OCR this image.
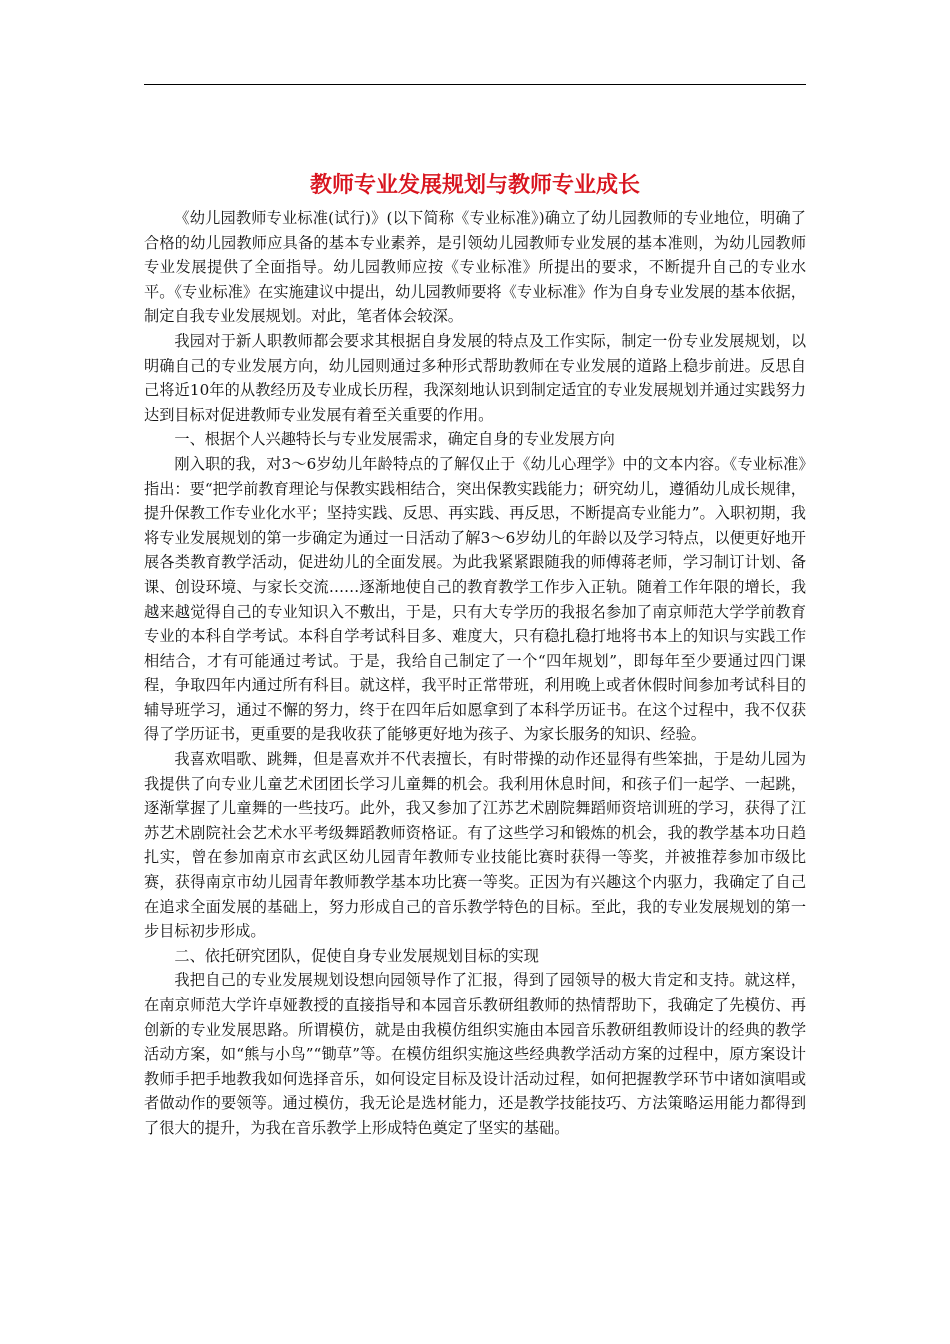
教师专业发展规划与教师专业成长

《幼儿园教师专业标准(试行)》(以下简称《专业标准》)确立了幼儿园教师的专业地位，明确了合格的幼儿园教师应具备的基本专业素养，是引领幼儿园教师专业发展的基本准则，为幼儿园教师专业发展提供了全面指导。幼儿园教师应按《专业标准》所提出的要求，不断提升自己的专业水平。《专业标准》在实施建议中提出，幼儿园教师要将《专业标准》作为自身专业发展的基本依据，制定自我专业发展规划。对此，笔者体会较深。

我园对于新人职教师都会要求其根据自身发展的特点及工作实际，制定一份专业发展规划，以明确自己的专业发展方向，幼儿园则通过多种形式帮助教师在专业发展的道路上稳步前进。反思自己将近10年的从教经历及专业成长历程，我深刻地认识到制定适宜的专业发展规划并通过实践努力达到目标对促进教师专业发展有着至关重要的作用。

一、根据个人兴趣特长与专业发展需求，确定自身的专业发展方向

刚入职的我，对3～6岁幼儿年龄特点的了解仅止于《幼儿心理学》中的文本内容。《专业标准》指出：要“把学前教育理论与保教实践相结合，突出保教实践能力；研究幼儿，遵循幼儿成长规律，提升保教工作专业化水平；坚持实践、反思、再实践、再反思，不断提高专业能力”。入职初期，我将专业发展规划的第一步确定为通过一日活动了解3～6岁幼儿的年龄以及学习特点，以便更好地开展各类教育教学活动，促进幼儿的全面发展。为此我紧紧跟随我的师傅蒋老师，学习制订计划、备课、创设环境、与家长交流……逐渐地使自己的教育教学工作步入正轨。随着工作年限的增长，我越来越觉得自己的专业知识入不敷出，于是，只有大专学历的我报名参加了南京师范大学学前教育专业的本科自学考试。本科自学考试科目多、难度大，只有稳扎稳打地将书本上的知识与实践工作相结合，才有可能通过考试。于是，我给自己制定了一个“四年规划”，即每年至少要通过四门课程，争取四年内通过所有科目。就这样，我平时正常带班，利用晚上或者休假时间参加考试科目的辅导班学习，通过不懈的努力，终于在四年后如愿拿到了本科学历证书。在这个过程中，我不仅获得了学历证书，更重要的是我收获了能够更好地为孩子、为家长服务的知识、经验。

我喜欢唱歌、跳舞，但是喜欢并不代表擅长，有时带操的动作还显得有些笨拙，于是幼儿园为我提供了向专业儿童艺术团团长学习儿童舞的机会。我利用休息时间，和孩子们一起学、一起跳，逐渐掌握了儿童舞的一些技巧。此外，我又参加了江苏艺术剧院舞蹈师资培训班的学习，获得了江苏艺术剧院社会艺术水平考级舞蹈教师资格证。有了这些学习和锻炼的机会，我的教学基本功日趋扎实，曾在参加南京市玄武区幼儿园青年教师专业技能比赛时获得一等奖，并被推荐参加市级比赛，获得南京市幼儿园青年教师教学基本功比赛一等奖。正因为有兴趣这个内驱力，我确定了自己在追求全面发展的基础上，努力形成自己的音乐教学特色的目标。至此，我的专业发展规划的第一步目标初步形成。

二、依托研究团队，促使自身专业发展规划目标的实现

我把自己的专业发展规划设想向园领导作了汇报，得到了园领导的极大肯定和支持。就这样，在南京师范大学许卓娅教授的直接指导和本园音乐教研组教师的热情帮助下，我确定了先模仿、再创新的专业发展思路。所谓模仿，就是由我模仿组织实施由本园音乐教研组教师设计的经典的教学活动方案，如“熊与小鸟”“锄草”等。在模仿组织实施这些经典教学活动方案的过程中，原方案设计教师手把手地教我如何选择音乐，如何设定目标及设计活动过程，如何把握教学环节中诸如演唱或者做动作的要领等。通过模仿，我无论是选材能力，还是教学技能技巧、方法策略运用能力都得到了很大的提升，为我在音乐教学上形成特色奠定了坚实的基础。
